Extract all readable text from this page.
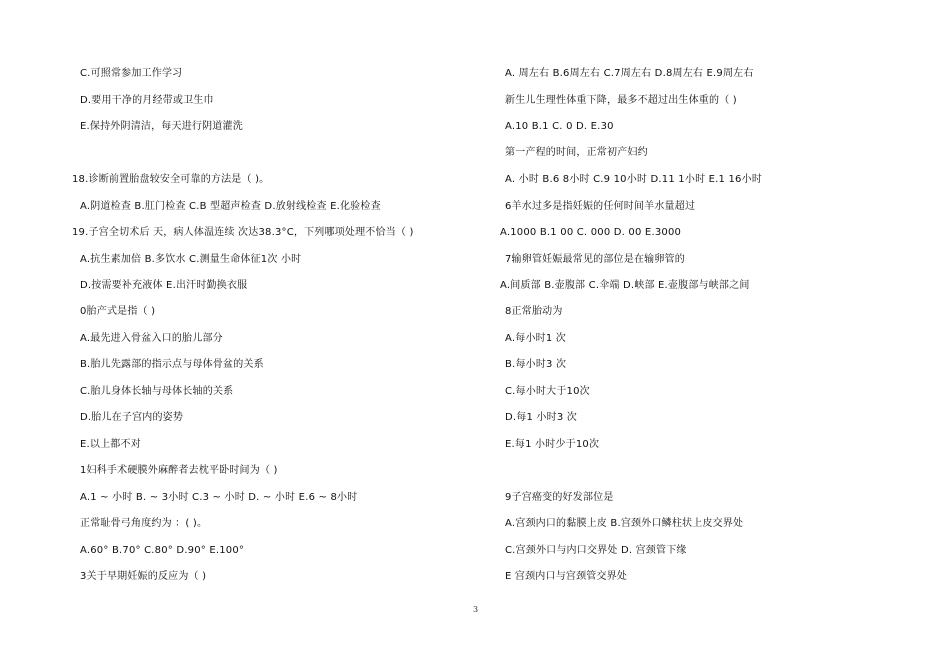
C.可照常参加工作学习
D.要用干净的月经带或卫生巾
E.保持外阴清洁，每天进行阴道灌洗
18.诊断前置胎盘较安全可靠的方法是（ )。
A.阴道检查 B.肛门检查 C.B 型超声检查 D.放射线检查 E.化验检查
19.子宫全切术后 天，病人体温连续 次达38.3°C，下列哪项处理不恰当（ )
A.抗生素加倍 B.多饮水 C.测量生命体征1次 小时
D.按需要补充液体 E.出汗时勤换衣服
0胎产式是指（ )
A.最先进入骨盆入口的胎儿部分
B.胎儿先露部的指示点与母体骨盆的关系
C.胎儿身体长轴与母体长轴的关系
D.胎儿在子宫内的姿势
E.以上都不对
1妇科手术硬膜外麻醉者去枕平卧时间为（ )
A.1 ~ 小时 B. ~ 3小时 C.3 ~ 小时 D. ~ 小时 E.6 ~ 8小时
正常耻骨弓角度约为 ：( )。
A.60° B.70° C.80° D.90° E.100°
3关于早期妊娠的反应为（ )
A. 周左右 B.6周左右 C.7周左右 D.8周左右 E.9周左右
新生儿生理性体重下降，最多不超过出生体重的（ )
A.10 B.1 C. 0 D. E.30
第一产程的时间，正常初产妇约
A. 小时 B.6 8小时 C.9 10小时 D.11 1小时 E.1 16小时
6羊水过多是指妊娠的任何时间羊水量超过
A.1000 B.1 00 C. 000 D. 00 E.3000
7输卵管妊娠最常见的部位是在输卵管的
A.间质部 B.壶腹部 C.伞端 D.峡部 E.壶腹部与峡部之间
8正常胎动为
A.每小时1 次
B.每小时3 次
C.每小时大于10次
D.每1 小时3 次
E.每1 小时少于10次
9子宫癌变的好发部位是
A.宫颈内口的黏膜上皮 B.宫颈外口鳞柱状上皮交界处
C.宫颈外口与内口交界处 D. 宫颈管下缘
E 宫颈内口与宫颈管交界处
3
